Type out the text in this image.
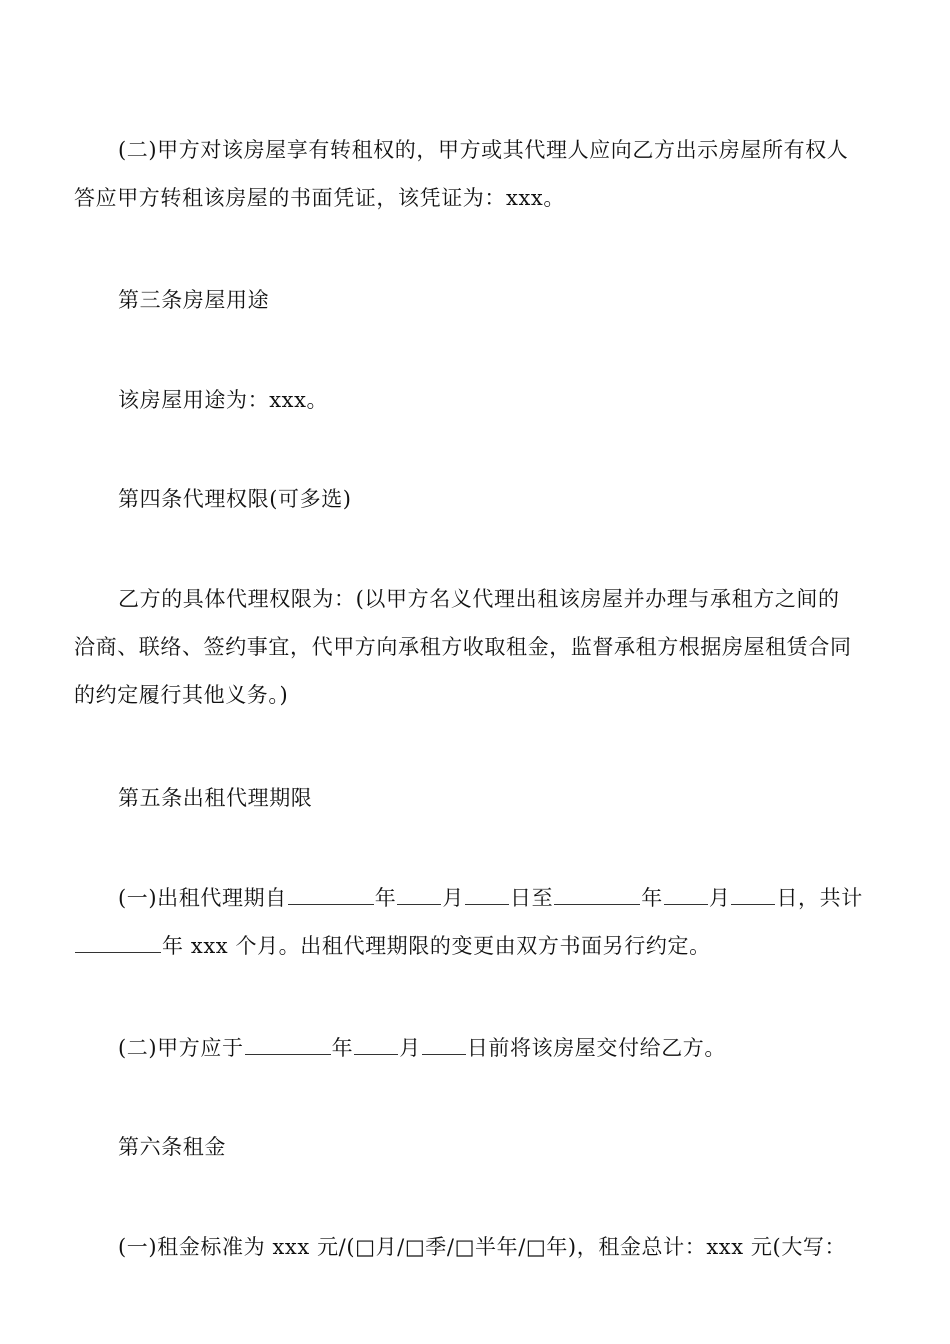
(二)甲方对该房屋享有转租权的，甲方或其代理人应向乙方出示房屋所有权人
答应甲方转租该房屋的书面凭证，该凭证为：xxx。
第三条房屋用途
该房屋用途为：xxx。
第四条代理权限(可多选)
乙方的具体代理权限为：(以甲方名义代理出租该房屋并办理与承租方之间的
洽商、联络、签约事宜，代甲方向承租方收取租金，监督承租方根据房屋租赁合同
的约定履行其他义务。)
第五条出租代理期限
(一)出租代理期自	年 月 日至	年 月 日，共计
年 xxx 个月。出租代理期限的变更由双方书面另行约定。
(二)甲方应于	年 月 日前将该房屋交付给乙方。
第六条租金
(一)租金标准为 xxx 元/(□月/□季/□半年/□年)，租金总计：xxx 元(大写：
